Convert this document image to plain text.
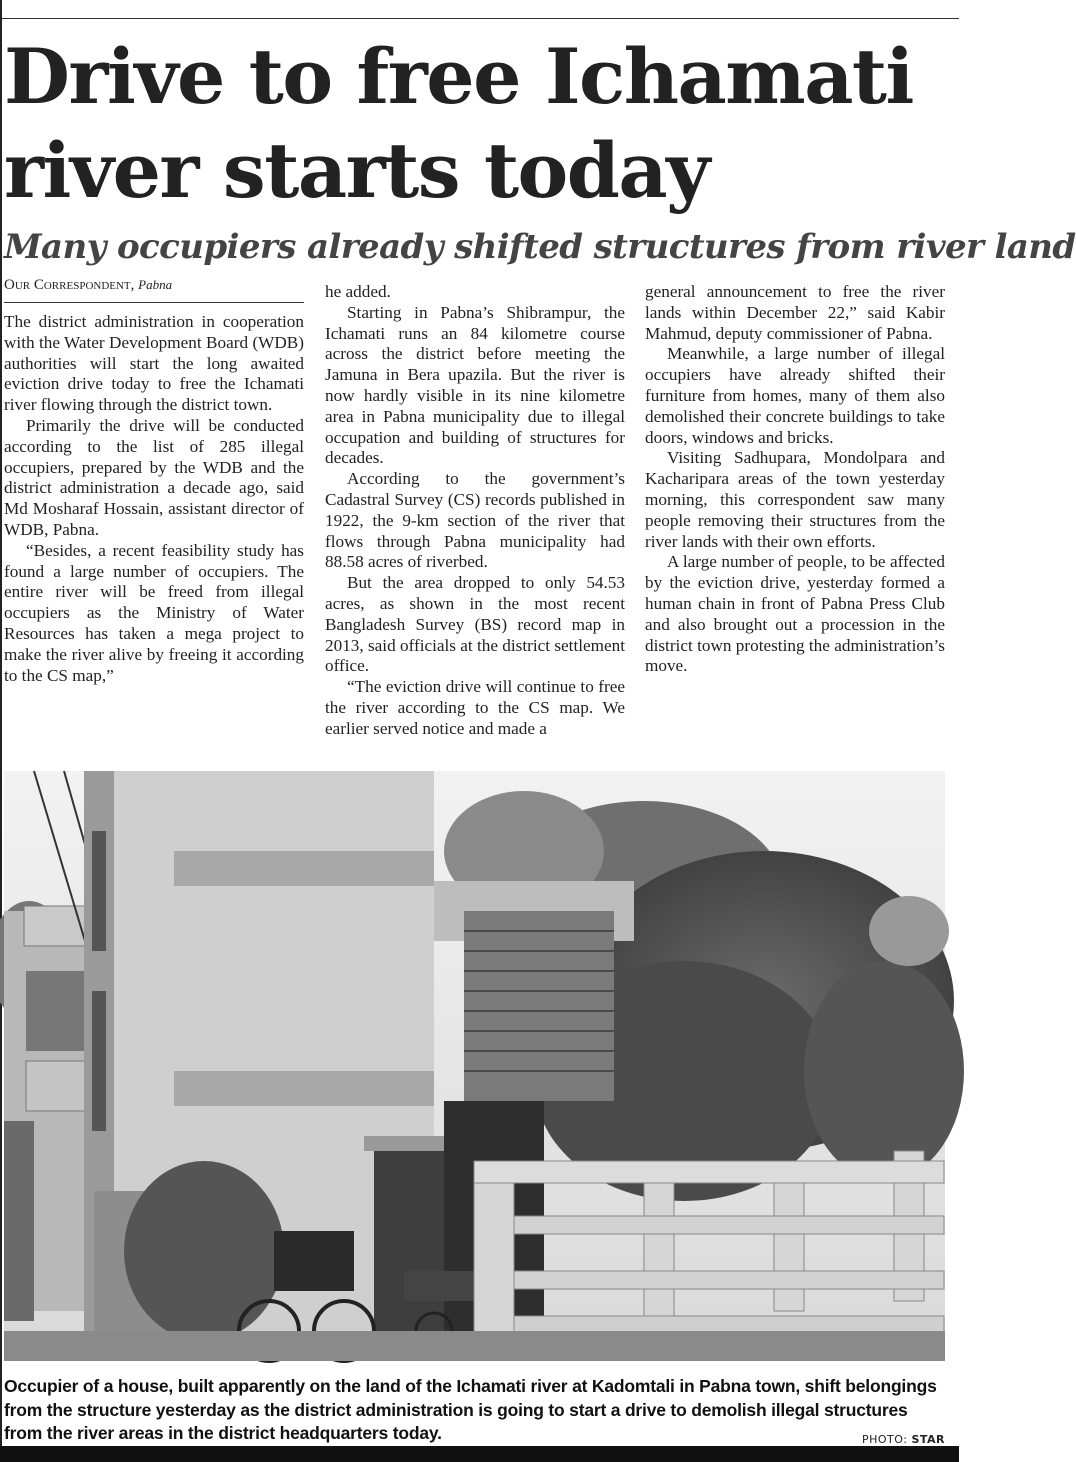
Drive to free Ichamati river starts today
Many occupiers already shifted structures from river land
Our Correspondent, Pabna

The district administration in cooperation with the Water Development Board (WDB) authorities will start the long awaited eviction drive today to free the Ichamati river flowing through the district town.

Primarily the drive will be conducted according to the list of 285 illegal occupiers, prepared by the WDB and the district administration a decade ago, said Md Mosharaf Hossain, assistant director of WDB, Pabna.

“Besides, a recent feasibility study has found a large number of occupiers. The entire river will be freed from illegal occupiers as the Ministry of Water Resources has taken a mega project to make the river alive by freeing it according to the CS map,”

he added.

Starting in Pabna’s Shibrampur, the Ichamati runs an 84 kilometre course across the district before meeting the Jamuna in Bera upazila. But the river is now hardly visible in its nine kilometre area in Pabna municipality due to illegal occupation and building of structures for decades.

According to the government’s Cadastral Survey (CS) records published in 1922, the 9-km section of the river that flows through Pabna municipality had 88.58 acres of riverbed.

But the area dropped to only 54.53 acres, as shown in the most recent Bangladesh Survey (BS) record map in 2013, said officials at the district settlement office.

“The eviction drive will continue to free the river according to the CS map. We earlier served notice and made a

general announcement to free the river lands within December 22,” said Kabir Mahmud, deputy commissioner of Pabna.

Meanwhile, a large number of illegal occupiers have already shifted their furniture from homes, many of them also demolished their concrete buildings to take doors, windows and bricks.

Visiting Sadhupara, Mondolpara and Kacharipara areas of the town yesterday morning, this correspondent saw many people removing their structures from the river lands with their own efforts.

A large number of people, to be affected by the eviction drive, yesterday formed a human chain in front of Pabna Press Club and also brought out a procession in the district town protesting the administration’s move.

Occupier of a house, built apparently on the land of the Ichamati river at Kadomtali in Pabna town, shift belongings from the structure yesterday as the district administration is going to start a drive to demolish illegal structures from the river areas in the district headquarters today.	PHOTO: STAR
